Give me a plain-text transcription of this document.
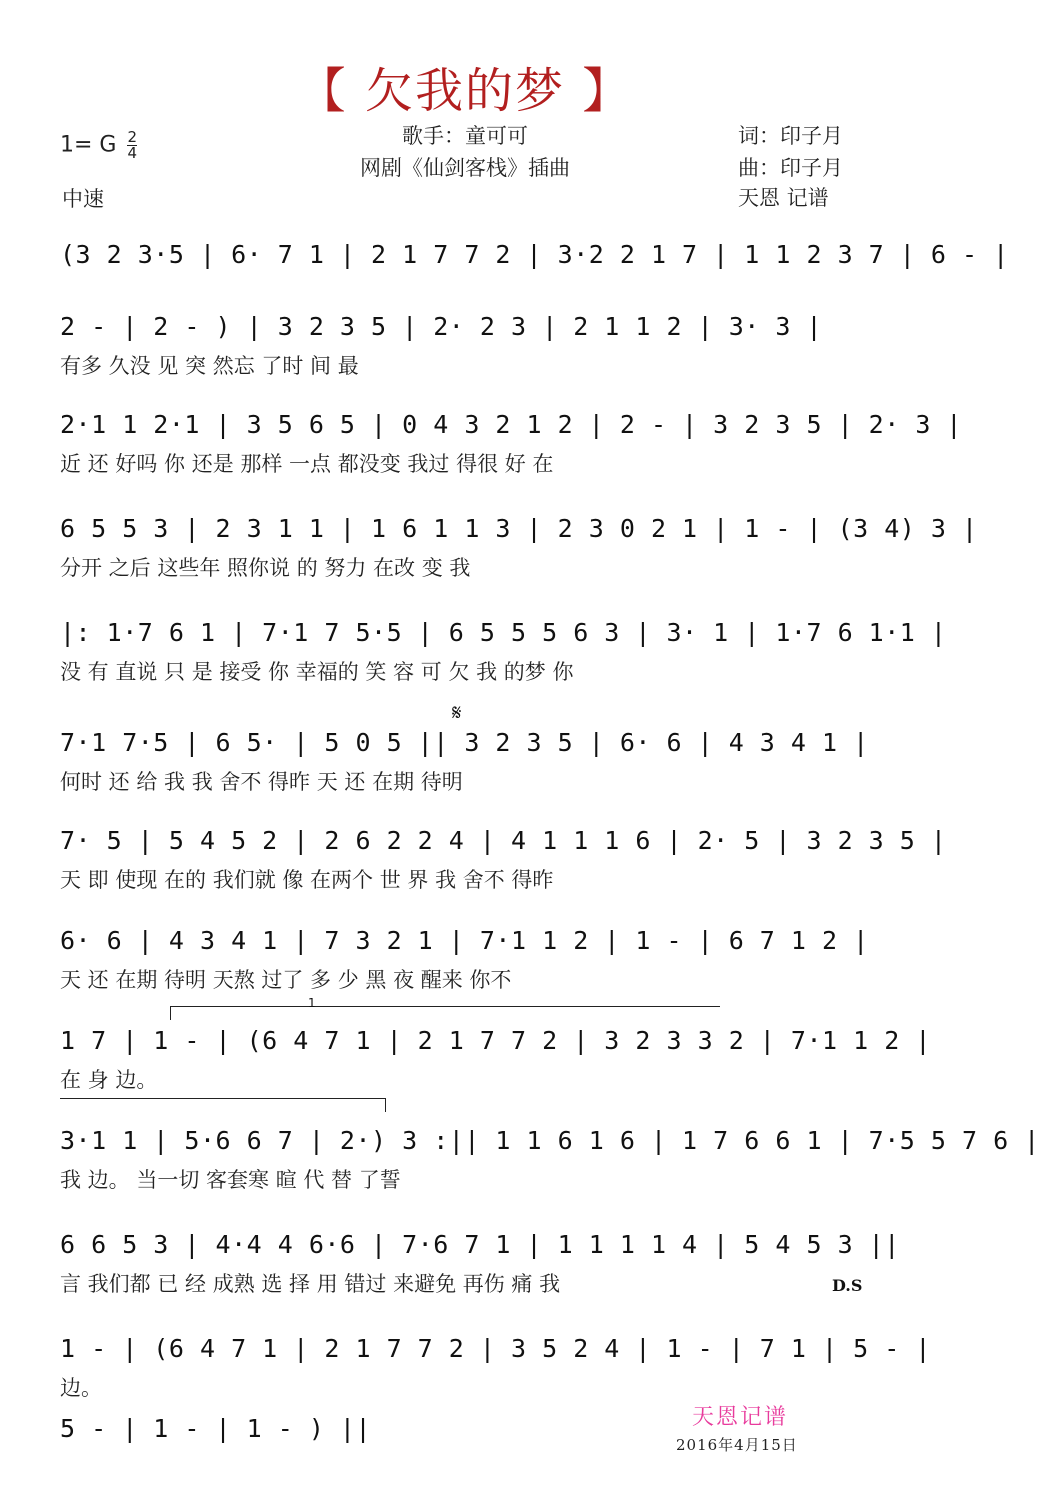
【 欠我的梦 】
1= G $\frac{2}{4}$
中速
歌手：童可可
网剧《仙剑客栈》插曲
词：印子月
曲：印子月
天恩 记谱
(3 2 3·5 | 6· 7 1 | 2 1 7 7 2 | 3·2 2 1 7 | 1 1 2 3 7 | 6 - |
2 - | 2 - ) | 3 2 3 5 | 2· 2 3 | 2 1 1 2 | 3· 3 |
有多 久没 见 突 然忘 了时 间 最
2·1 1 2·1 | 3 5 6 5 | 0 4 3 2 1 2 | 2 - | 3 2 3 5 | 2· 3 |
近 还 好吗 你 还是 那样 一点 都没变 我过 得很 好 在
6 5 5 3 | 2 3 1 1 | 1 6 1 1 3 | 2 3 0 2 1 | 1 - | (3 4) 3 |
分开 之后 这些年 照你说 的 努力 在改 变 我
|: 1·7 6 1 | 7·1 7 5·5 | 6 5 5 5 6 3 | 3· 1 | 1·7 6 1·1 |
没 有 直说 只 是 接受 你 幸福的 笑 容 可 欠 我 的梦 你
𝄋
7·1 7·5 | 6 5· | 5 0 5 || 3 2 3 5 | 6· 6 | 4 3 4 1 |
何时 还 给 我 我 舍不 得昨 天 还 在期 待明
7· 5 | 5 4 5 2 | 2 6 2 2 4 | 4 1 1 1 6 | 2· 5 | 3 2 3 5 |
天 即 使现 在的 我们就 像 在两个 世 界 我 舍不 得昨
6· 6 | 4 3 4 1 | 7 3 2 1 | 7·1 1 2 | 1 - | 6 7 1 2 |
天 还 在期 待明 天熬 过了 多 少 黑 夜 醒来 你不
1
1 7 | 1 - | (6 4 7 1 | 2 1 7 7 2 | 3 2 3 3 2 | 7·1 1 2 |
在 身 边。
3·1 1 | 5·6 6 7 | 2·) 3 :|| 1 1 6 1 6 | 1 7 6 6 1 | 7·5 5 7 6 |
我 边。 当一切 客套寒 暄 代 替 了誓
6 6 5 3 | 4·4 4 6·6 | 7·6 7 1 | 1 1 1 1 4 | 5 4 5 3 ||
言 我们都 已 经 成熟 选 择 用 错过 来避免 再伤 痛 我	D.S
1 - | (6 4 7 1 | 2 1 7 7 2 | 3 5 2 4 | 1 - | 7 1 | 5 - |
边。
5 - | 1 - | 1 - ) ||	天恩记谱
2016年4月15日
